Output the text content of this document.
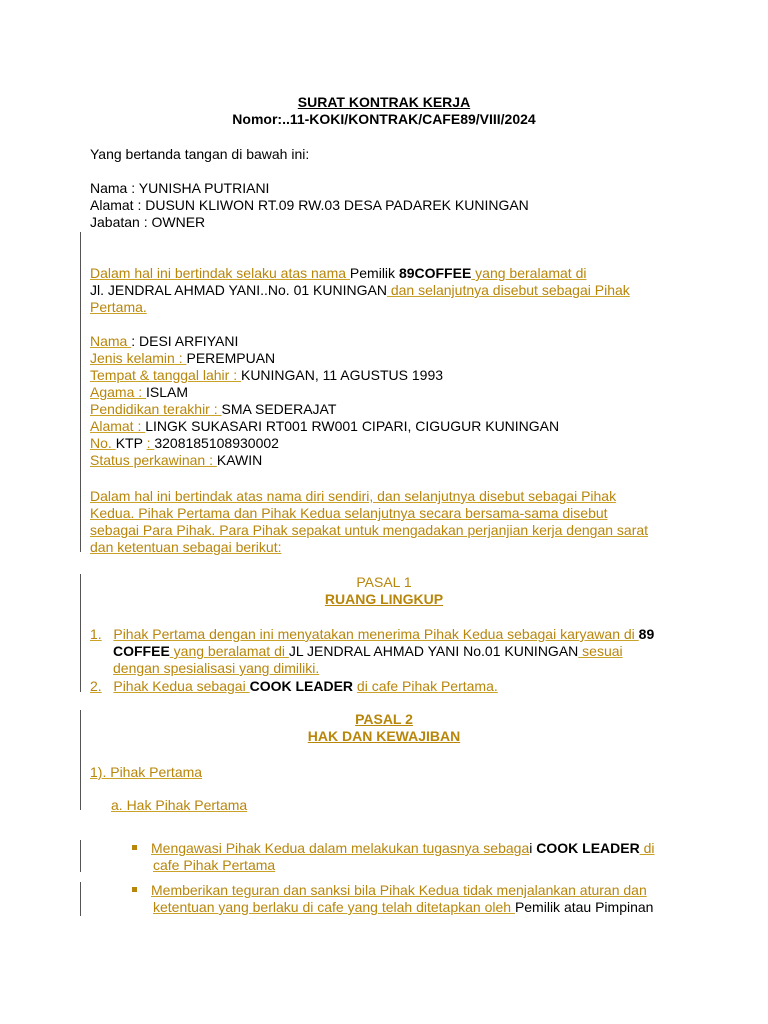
SURAT KONTRAK KERJA
Nomor:..11-KOKI/KONTRAK/CAFE89/VIII/2024
Yang bertanda tangan di bawah ini:
Nama : YUNISHA PUTRIANI
Alamat : DUSUN KLIWON RT.09 RW.03 DESA PADAREK KUNINGAN
Jabatan : OWNER
Dalam hal ini bertindak selaku atas nama Pemilik 89COFFEE yang beralamat di
Jl. JENDRAL AHMAD YANI..No. 01 KUNINGAN dan selanjutnya disebut sebagai Pihak
Pertama.
Nama : DESI ARFIYANI
Jenis kelamin : PEREMPUAN
Tempat & tanggal lahir : KUNINGAN, 11 AGUSTUS 1993
Agama : ISLAM
Pendidikan terakhir : SMA SEDERAJAT
Alamat : LINGK SUKASARI RT001 RW001 CIPARI, CIGUGUR KUNINGAN
No. KTP : 3208185108930002
Status perkawinan : KAWIN
Dalam hal ini bertindak atas nama diri sendiri, dan selanjutnya disebut sebagai Pihak
Kedua. Pihak Pertama dan Pihak Kedua selanjutnya secara bersama-sama disebut
sebagai Para Pihak. Para Pihak sepakat untuk mengadakan perjanjian kerja dengan sarat
dan ketentuan sebagai berikut:
PASAL 1
RUANG LINGKUP
1. Pihak Pertama dengan ini menyatakan menerima Pihak Kedua sebagai karyawan di 89
COFFEE yang beralamat di JL JENDRAL AHMAD YANI No.01 KUNINGAN sesuai
dengan spesialisasi yang dimiliki.
2. Pihak Kedua sebagai COOK LEADER di cafe Pihak Pertama.
PASAL 2
HAK DAN KEWAJIBAN
1). Pihak Pertama
a. Hak Pihak Pertama
Mengawasi Pihak Kedua dalam melakukan tugasnya sebagai COOK LEADER di
cafe Pihak Pertama
Memberikan teguran dan sanksi bila Pihak Kedua tidak menjalankan aturan dan
ketentuan yang berlaku di cafe yang telah ditetapkan oleh Pemilik atau Pimpinan
